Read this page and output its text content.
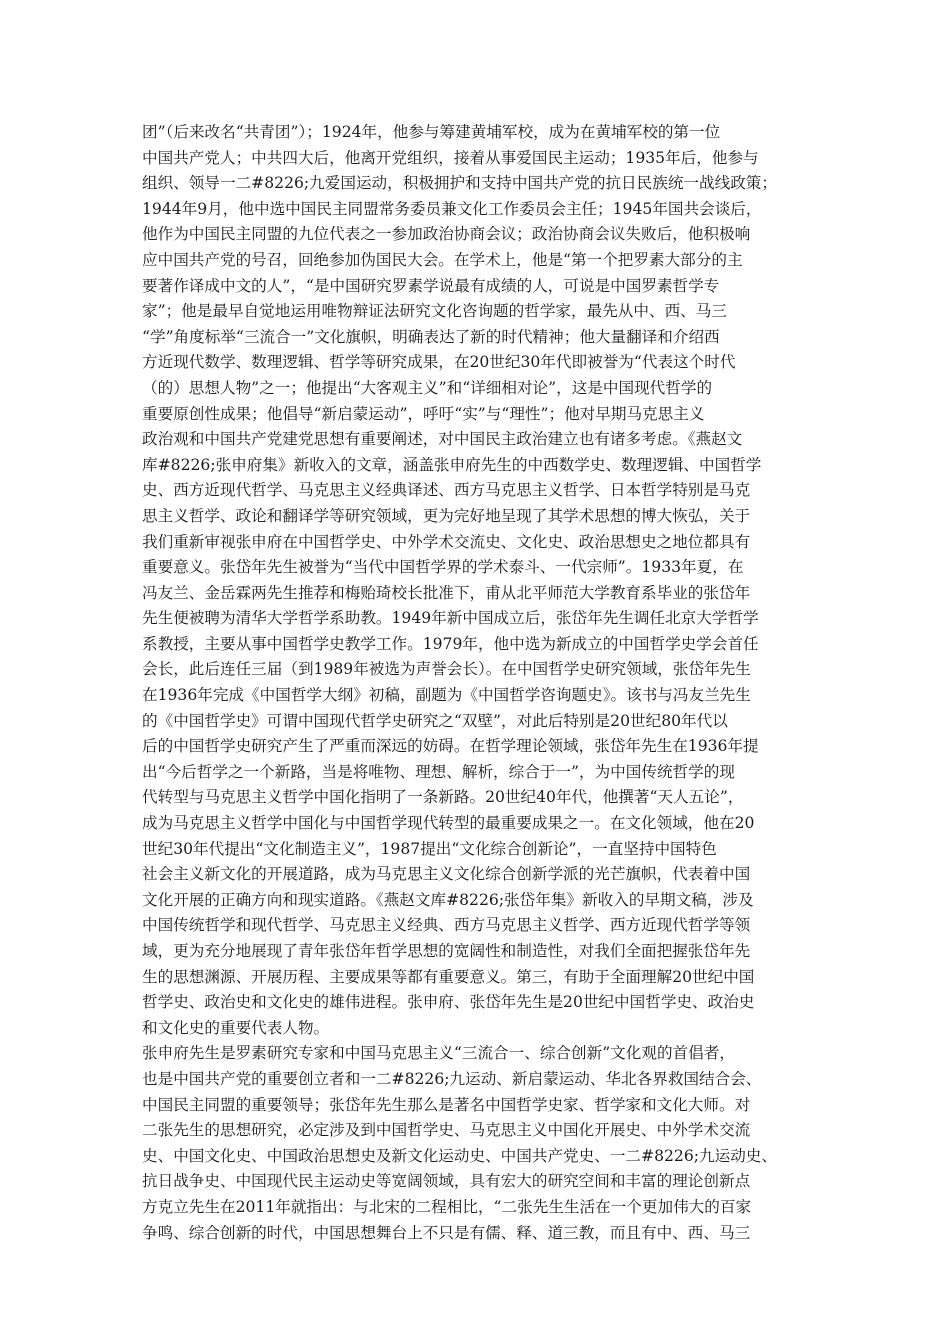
团”（后来改名“共青团”）；1924年，他参与筹建黄埔军校，成为在黄埔军校的第一位
中国共产党人；中共四大后，他离开党组织，接着从事爱国民主运动；1935年后，他参与
组织、领导一二#8226;九爱国运动，积极拥护和支持中国共产党的抗日民族统一战线政策；
1944年9月，他中选中国民主同盟常务委员兼文化工作委员会主任；1945年国共会谈后，
他作为中国民主同盟的九位代表之一参加政治协商会议；政治协商会议失败后，他积极响
应中国共产党的号召，回绝参加伪国民大会。在学术上，他是“第一个把罗素大部分的主
要著作译成中文的人”，“是中国研究罗素学说最有成绩的人，可说是中国罗素哲学专
家”；他是最早自觉地运用唯物辩证法研究文化咨询题的哲学家，最先从中、西、马三
“学”角度标举“三流合一”文化旗帜，明确表达了新的时代精神；他大量翻译和介绍西
方近现代数学、数理逻辑、哲学等研究成果，在20世纪30年代即被誉为“代表这个时代
（的）思想人物”之一；他提出“大客观主义”和“详细相对论”，这是中国现代哲学的
重要原创性成果；他倡导“新启蒙运动”，呼吁“实”与“理性”；他对早期马克思主义
政治观和中国共产党建党思想有重要阐述，对中国民主政治建立也有诸多考虑。《燕赵文
库#8226;张申府集》新收入的文章，涵盖张申府先生的中西数学史、数理逻辑、中国哲学
史、西方近现代哲学、马克思主义经典译述、西方马克思主义哲学、日本哲学特别是马克
思主义哲学、政论和翻译学等研究领域，更为完好地呈现了其学术思想的博大恢弘，关于
我们重新审视张申府在中国哲学史、中外学术交流史、文化史、政治思想史之地位都具有
重要意义。张岱年先生被誉为“当代中国哲学界的学术泰斗、一代宗师”。1933年夏，在
冯友兰、金岳霖两先生推荐和梅贻琦校长批准下，甫从北平师范大学教育系毕业的张岱年
先生便被聘为清华大学哲学系助教。1949年新中国成立后，张岱年先生调任北京大学哲学
系教授，主要从事中国哲学史教学工作。1979年，他中选为新成立的中国哲学史学会首任
会长，此后连任三届（到1989年被选为声誉会长）。在中国哲学史研究领域，张岱年先生
在1936年完成《中国哲学大纲》初稿，副题为《中国哲学咨询题史》。该书与冯友兰先生
的《中国哲学史》可谓中国现代哲学史研究之“双壁”，对此后特别是20世纪80年代以
后的中国哲学史研究产生了严重而深远的妨碍。在哲学理论领域，张岱年先生在1936年提
出“今后哲学之一个新路，当是将唯物、理想、解析，综合于一”，为中国传统哲学的现
代转型与马克思主义哲学中国化指明了一条新路。20世纪40年代，他撰著“天人五论”，
成为马克思主义哲学中国化与中国哲学现代转型的最重要成果之一。在文化领域，他在20
世纪30年代提出“文化制造主义”，1987提出“文化综合创新论”，一直坚持中国特色
社会主义新文化的开展道路，成为马克思主义文化综合创新学派的光芒旗帜，代表着中国
文化开展的正确方向和现实道路。《燕赵文库#8226;张岱年集》新收入的早期文稿，涉及
中国传统哲学和现代哲学、马克思主义经典、西方马克思主义哲学、西方近现代哲学等领
域，更为充分地展现了青年张岱年哲学思想的宽阔性和制造性，对我们全面把握张岱年先
生的思想渊源、开展历程、主要成果等都有重要意义。第三，有助于全面理解20世纪中国
哲学史、政治史和文化史的雄伟进程。张申府、张岱年先生是20世纪中国哲学史、政治史
和文化史的重要代表人物。
张申府先生是罗素研究专家和中国马克思主义“三流合一、综合创新”文化观的首倡者，
也是中国共产党的重要创立者和一二#8226;九运动、新启蒙运动、华北各界救国结合会、
中国民主同盟的重要领导；张岱年先生那么是著名中国哲学史家、哲学家和文化大师。对
二张先生的思想研究，必定涉及到中国哲学史、马克思主义中国化开展史、中外学术交流
史、中国文化史、中国政治思想史及新文化运动史、中国共产党史、一二#8226;九运动史、
抗日战争史、中国现代民主运动史等宽阔领域，具有宏大的研究空间和丰富的理论创新点
方克立先生在2011年就指出：与北宋的二程相比，“二张先生生活在一个更加伟大的百家
争鸣、综合创新的时代，中国思想舞台上不只是有儒、释、道三教，而且有中、西、马三
